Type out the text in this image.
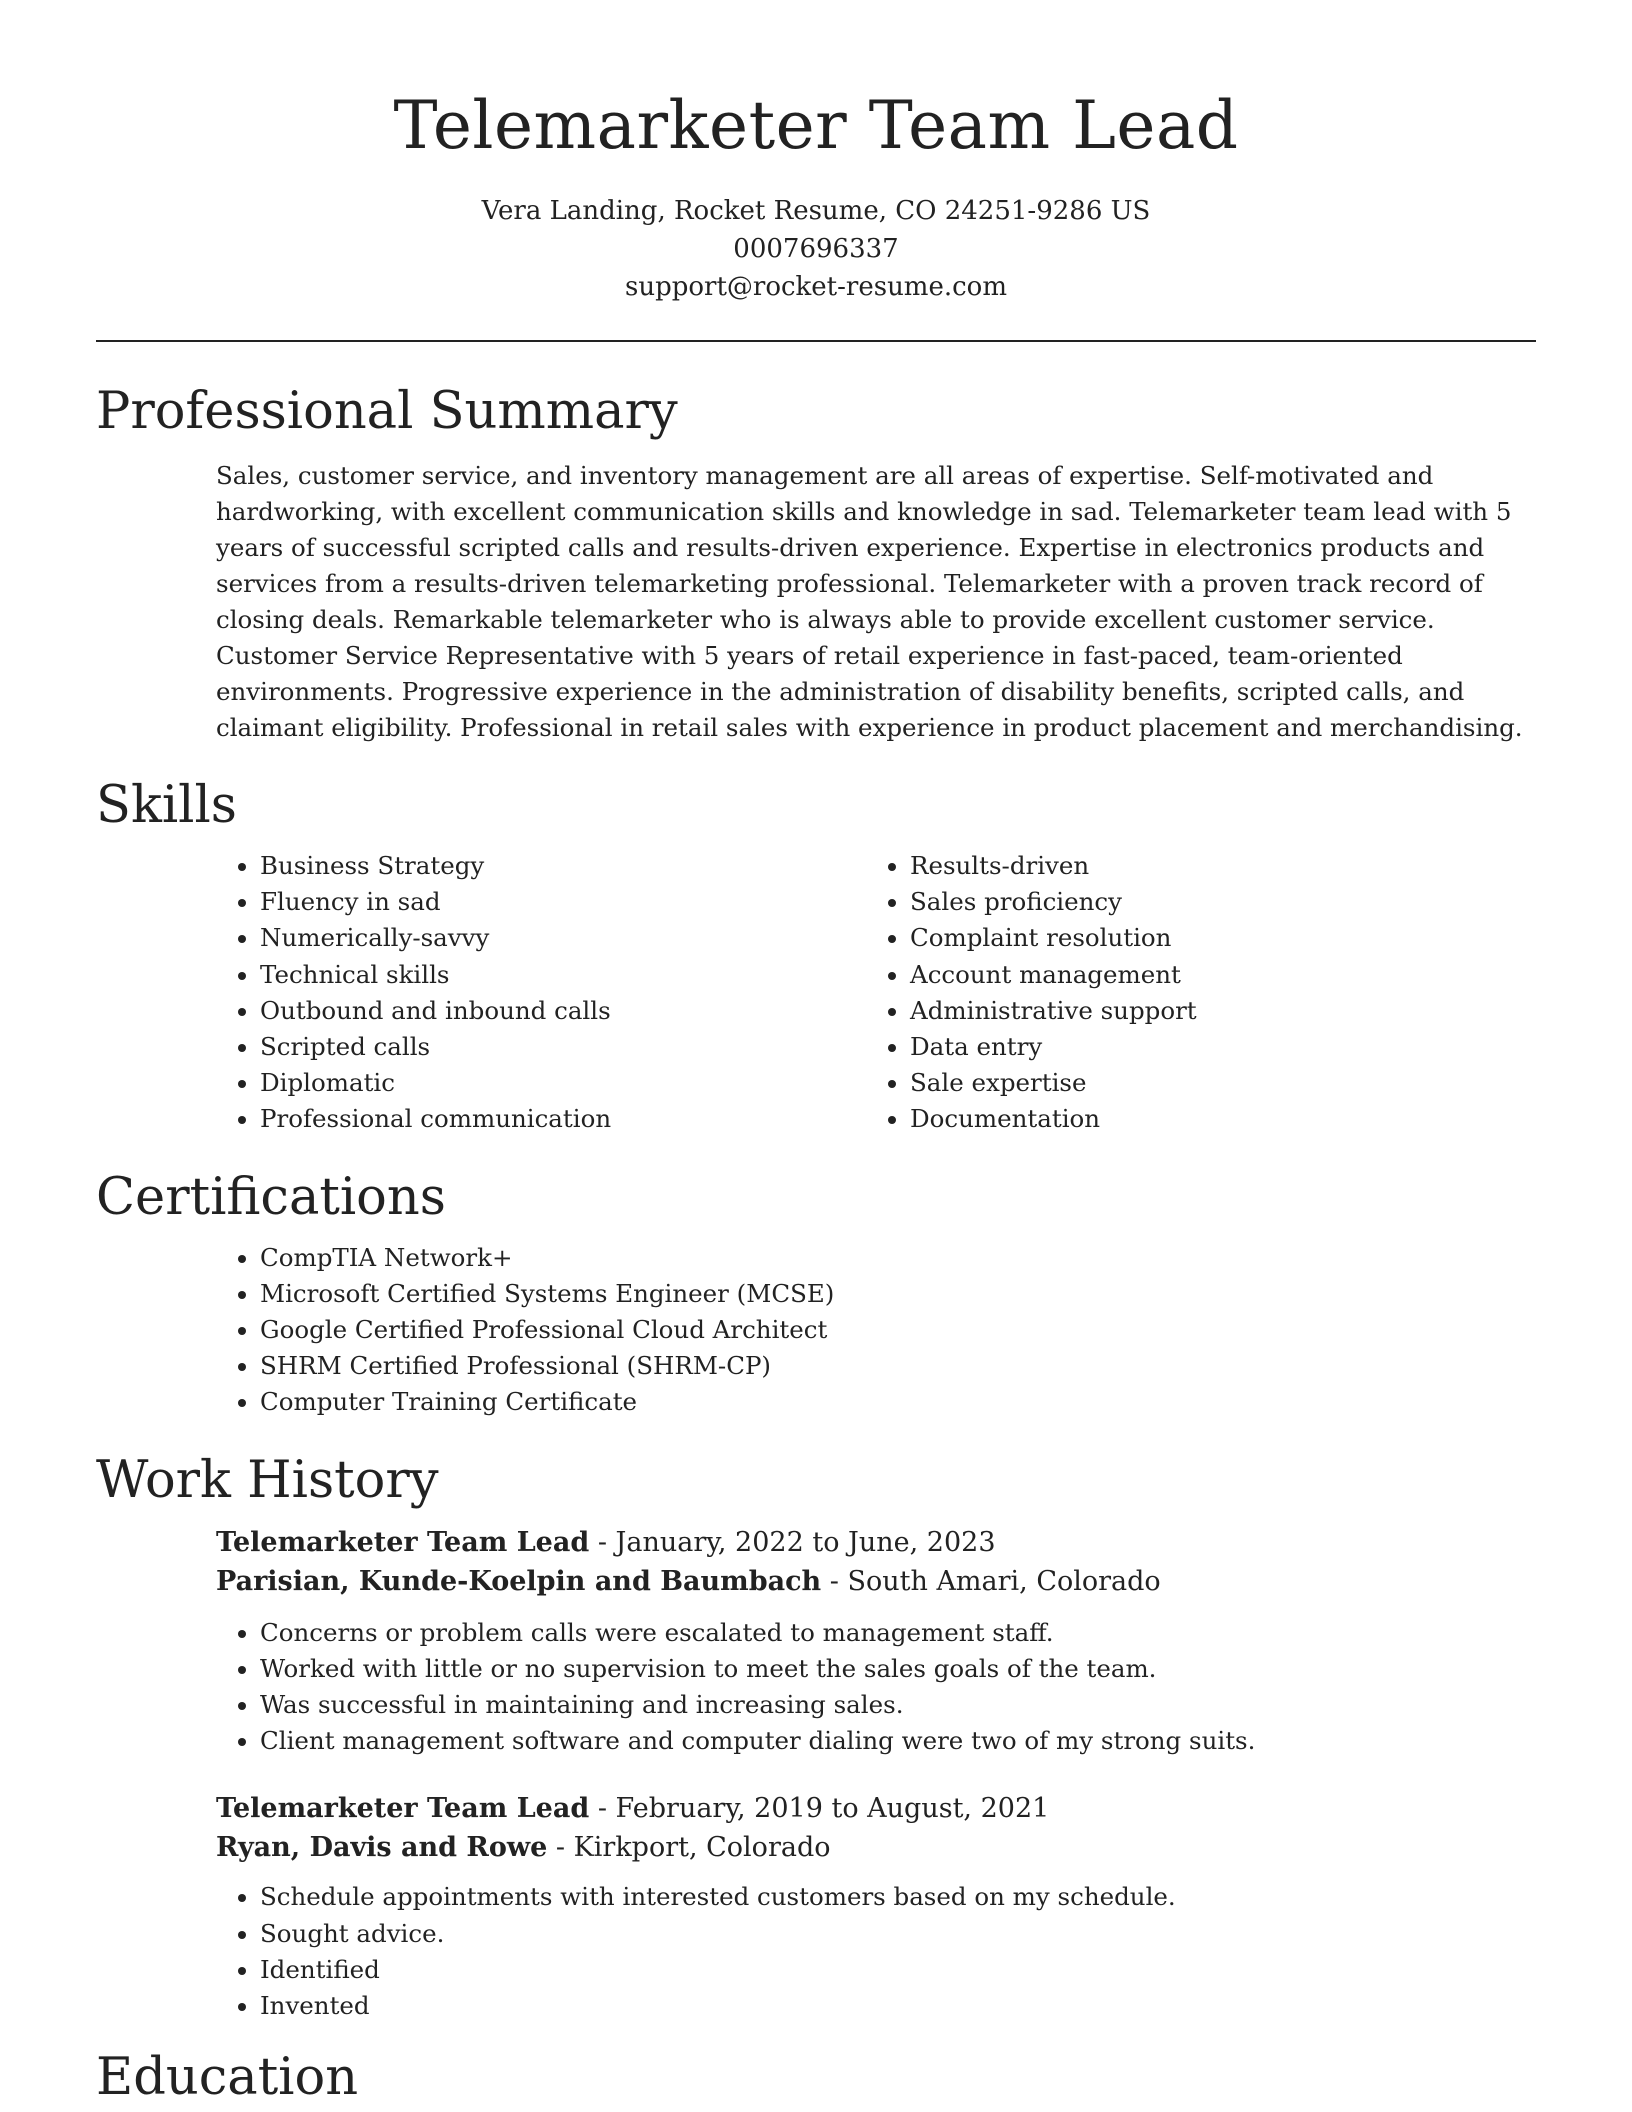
Telemarketer Team Lead

Vera Landing, Rocket Resume, CO 24251-9286 US

0007696337

support@rocket-resume.com

Professional Summary

Sales, customer service, and inventory management are all areas of expertise. Self-motivated and hardworking, with excellent communication skills and knowledge in sad. Telemarketer team lead with 5 years of successful scripted calls and results-driven experience. Expertise in electronics products and services from a results-driven telemarketing professional. Telemarketer with a proven track record of closing deals. Remarkable telemarketer who is always able to provide excellent customer service. Customer Service Representative with 5 years of retail experience in fast-paced, team-oriented environments. Progressive experience in the administration of disability benefits, scripted calls, and claimant eligibility. Professional in retail sales with experience in product placement and merchandising.

Skills
• Business Strategy
• Fluency in sad
• Numerically-savvy
• Technical skills
• Outbound and inbound calls
• Scripted calls
• Diplomatic
• Professional communication
• Results-driven
• Sales proficiency
• Complaint resolution
• Account management
• Administrative support
• Data entry
• Sale expertise
• Documentation
Certifications
• CompTIA Network+
• Microsoft Certified Systems Engineer (MCSE)
• Google Certified Professional Cloud Architect
• SHRM Certified Professional (SHRM-CP)
• Computer Training Certificate
Work History

Telemarketer Team Lead - January, 2022 to June, 2023

Parisian, Kunde-Koelpin and Baumbach - South Amari, Colorado

• Concerns or problem calls were escalated to management staff.
• Worked with little or no supervision to meet the sales goals of the team.
• Was successful in maintaining and increasing sales.
• Client management software and computer dialing were two of my strong suits.

Telemarketer Team Lead - February, 2019 to August, 2021

Ryan, Davis and Rowe - Kirkport, Colorado

• Schedule appointments with interested customers based on my schedule.
• Sought advice.
• Identified
• Invented
Education
